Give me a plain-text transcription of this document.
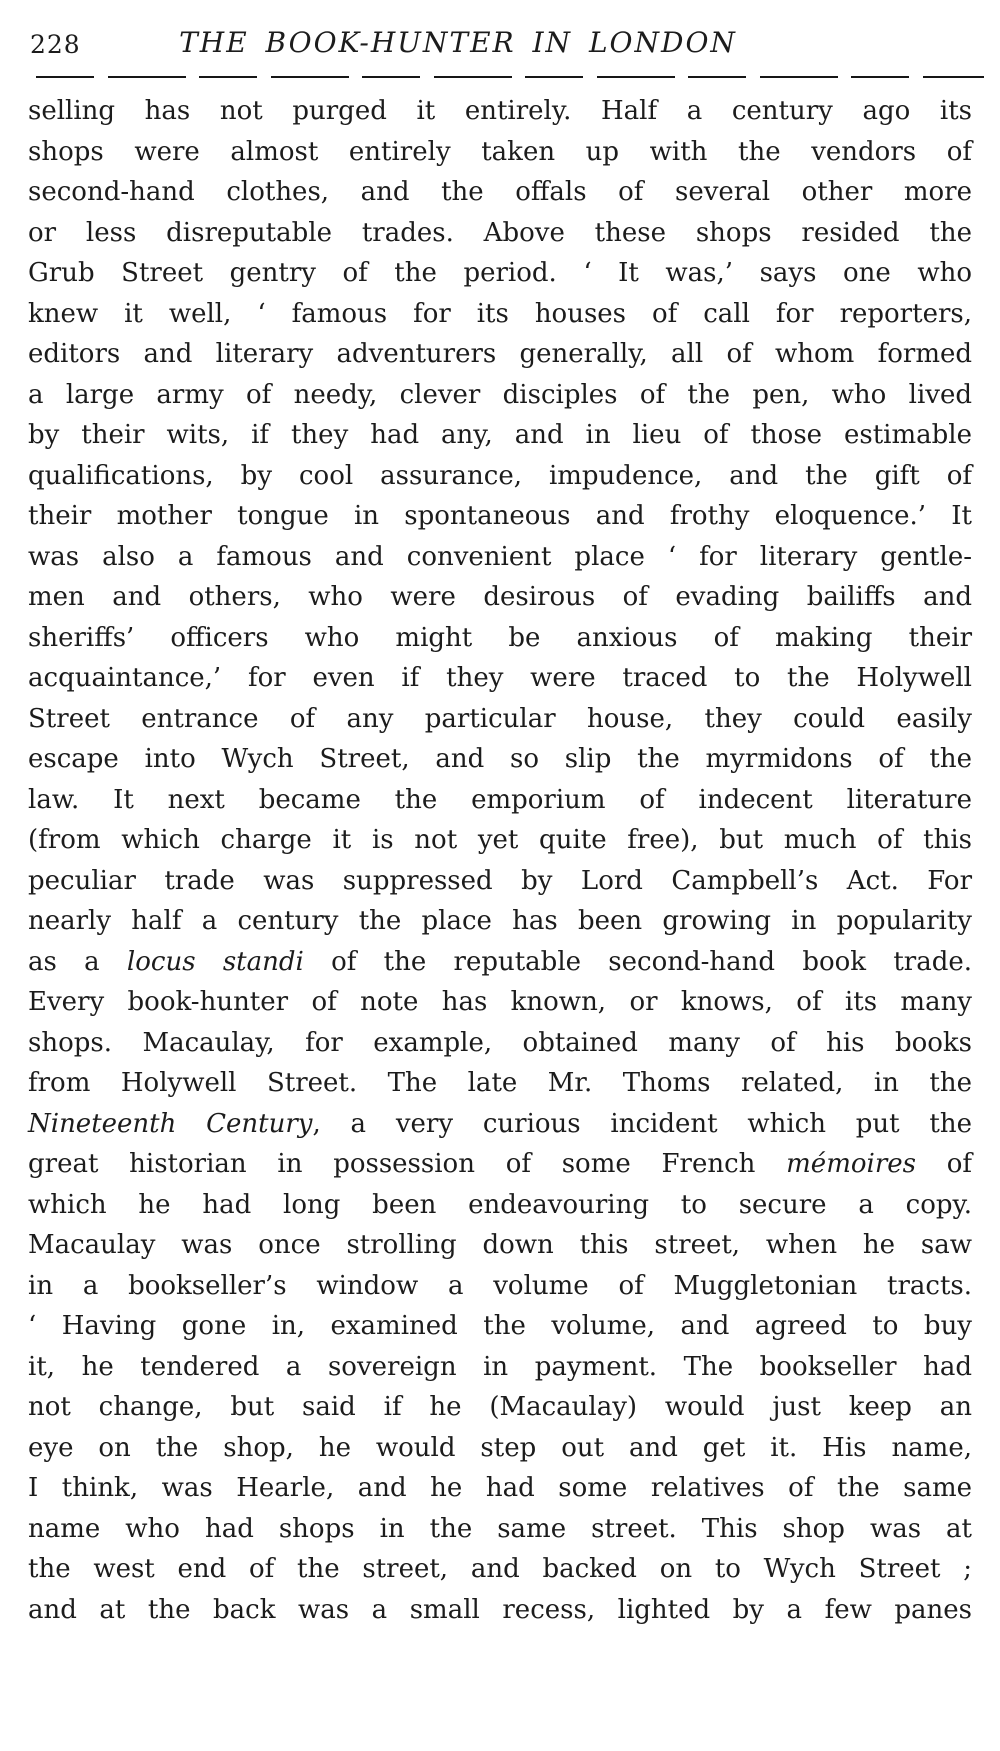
228	THE BOOK-HUNTER IN LONDON
selling has not purged it entirely. Half a century ago its
shops were almost entirely taken up with the vendors of
second-hand clothes, and the offals of several other more
or less disreputable trades. Above these shops resided the
Grub Street gentry of the period. ‘ It was,’ says one who
knew it well, ‘ famous for its houses of call for reporters,
editors and literary adventurers generally, all of whom formed
a large army of needy, clever disciples of the pen, who lived
by their wits, if they had any, and in lieu of those estimable
qualifications, by cool assurance, impudence, and the gift of
their mother tongue in spontaneous and frothy eloquence.’ It
was also a famous and convenient place ‘ for literary gentle-
men and others, who were desirous of evading bailiffs and
sheriffs’ officers who might be anxious of making their
acquaintance,’ for even if they were traced to the Holywell
Street entrance of any particular house, they could easily
escape into Wych Street, and so slip the myrmidons of the
law. It next became the emporium of indecent literature
(from which charge it is not yet quite free), but much of this
peculiar trade was suppressed by Lord Campbell’s Act. For
nearly half a century the place has been growing in popularity
as a locus standi of the reputable second-hand book trade.
Every book-hunter of note has known, or knows, of its many
shops. Macaulay, for example, obtained many of his books
from Holywell Street. The late Mr. Thoms related, in the
Nineteenth Century, a very curious incident which put the
great historian in possession of some French mémoires of
which he had long been endeavouring to secure a copy.
Macaulay was once strolling down this street, when he saw
in a bookseller’s window a volume of Muggletonian tracts.
‘ Having gone in, examined the volume, and agreed to buy
it, he tendered a sovereign in payment. The bookseller had
not change, but said if he (Macaulay) would just keep an
eye on the shop, he would step out and get it. His name,
I think, was Hearle, and he had some relatives of the same
name who had shops in the same street. This shop was at
the west end of the street, and backed on to Wych Street ;
and at the back was a small recess, lighted by a few panes
